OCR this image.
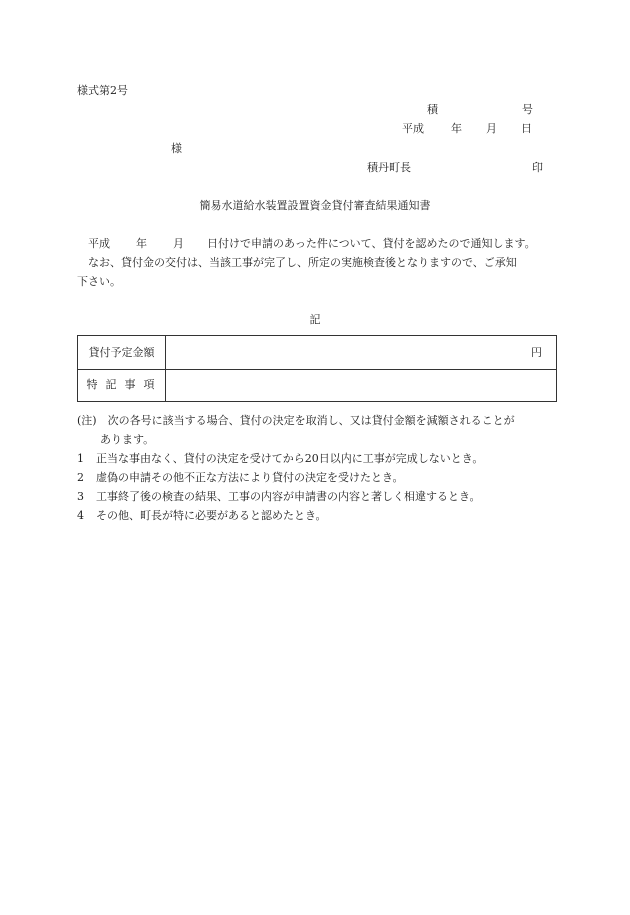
様式第2号
積	号
平成 年 月 日
様
積丹町長	印
簡易水道給水装置設置資金貸付審査結果通知書
平成 年 月 日付けで申請のあった件について、貸付を認めたので通知します。
なお、貸付金の交付は、当該工事が完了し、所定の実施検査後となりますので、ご承知
下さい。
記
貸付予定金額	円
特記事項
(注)　次の各号に該当する場合、貸付の決定を取消し、又は貸付金額を減額されることが
あります。
1 正当な事由なく、貸付の決定を受けてから20日以内に工事が完成しないとき。
2 虚偽の申請その他不正な方法により貸付の決定を受けたとき。
3 工事終了後の検査の結果、工事の内容が申請書の内容と著しく相違するとき。
4 その他、町長が特に必要があると認めたとき。
